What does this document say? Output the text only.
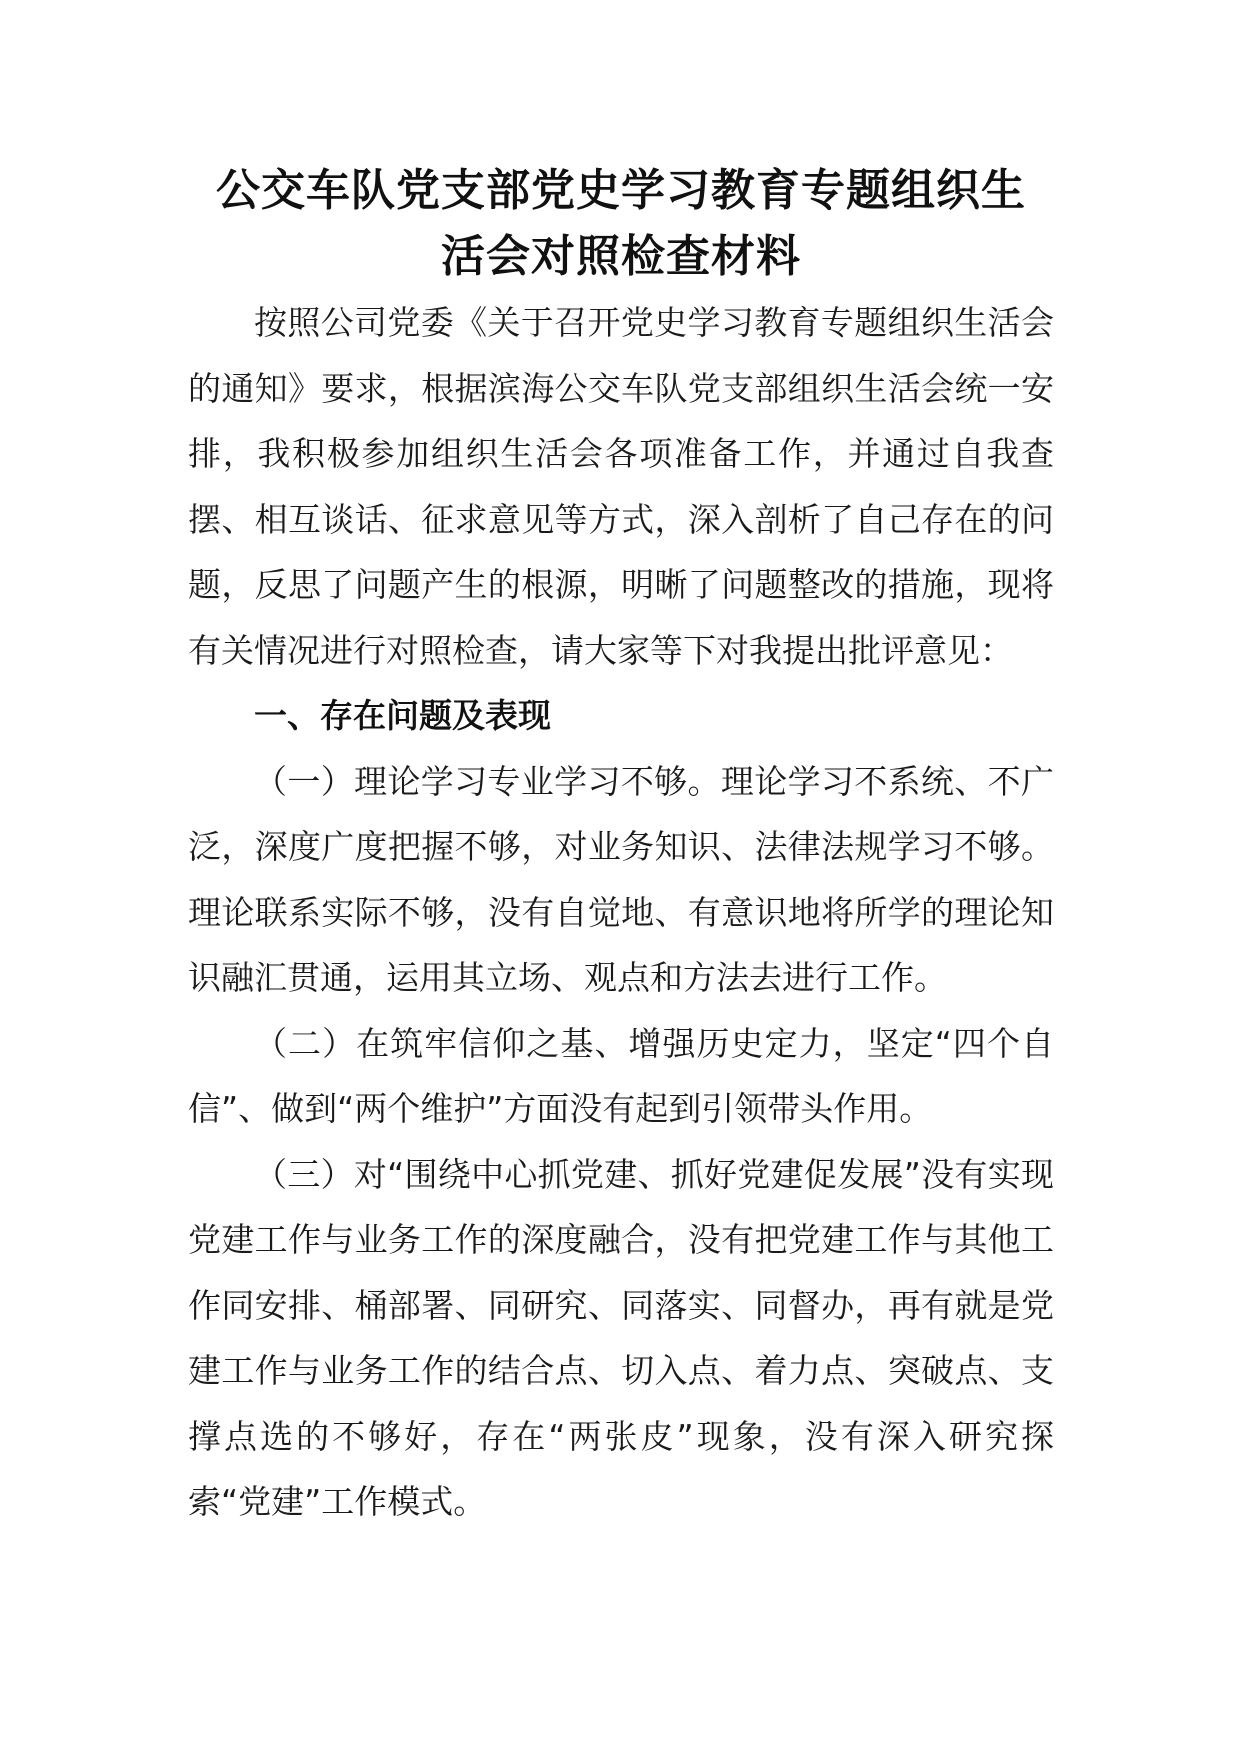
公交车队党支部党史学习教育专题组织生
活会对照检查材料

按照公司党委《关于召开党史学习教育专题组织生活会的通知》要求，根据滨海公交车队党支部组织生活会统一安排，我积极参加组织生活会各项准备工作，并通过自我查摆、相互谈话、征求意见等方式，深入剖析了自己存在的问题，反思了问题产生的根源，明晰了问题整改的措施，现将有关情况进行对照检查，请大家等下对我提出批评意见：

一、存在问题及表现

（一）理论学习专业学习不够。理论学习不系统、不广泛，深度广度把握不够，对业务知识、法律法规学习不够。理论联系实际不够，没有自觉地、有意识地将所学的理论知识融汇贯通，运用其立场、观点和方法去进行工作。

（二）在筑牢信仰之基、增强历史定力，坚定“四个自信”、做到“两个维护”方面没有起到引领带头作用。

（三）对“围绕中心抓党建、抓好党建促发展”没有实现党建工作与业务工作的深度融合，没有把党建工作与其他工作同安排、桶部署、同研究、同落实、同督办，再有就是党建工作与业务工作的结合点、切入点、着力点、突破点、支撑点选的不够好，存在“两张皮”现象，没有深入研究探索“党建”工作模式。
